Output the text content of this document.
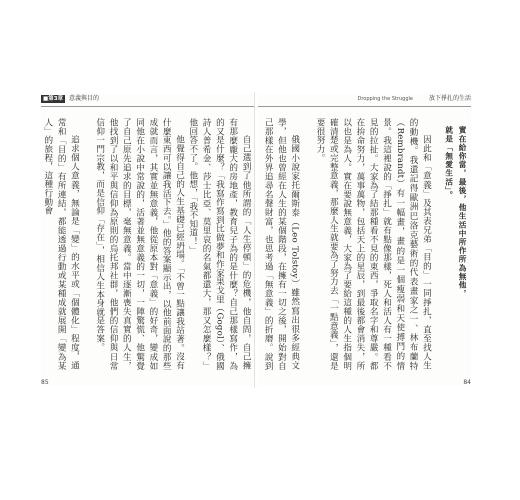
■第3章 意義與目的

自己選到了他所謂的「人生停頓」的危機，他自問，自己擁有那麼龐大的房地產，教育兒子為的是什麼？自己那樣寫作，為的又是什麼？「我寫作寫到比做夢和作家果戈里（Gogol）、俄國詩人普希金、莎士比亞、莫里哀的名氣都還大，那又怎麼樣？」他回答不了。他想，「我不知道！」

他覺得自己的人生基礎已經坍塌。「不曾一點讓我站著。沒有什麼東西可以讓我活下去。」他的答案顯示出，以他前面說的那些成就而言，其實並無意義，他從原本對「意義」的好奇，變成如同他在小說中常說的，活著並無意義的一切，一陣驚慌、他驚覺了自己原先追求的目標，毫無意義。當中逐漸喪失真實的人生，他找到了以和平與信仰為原則的烏托邦社群，他們的信仰與日常信仰一門宗教，而是信仰「存在」，相信人生本身就是答案。

追求個人意義，無論是「變」的水平或「個體化」程度，通常和「目的」有所連結，都能透過行動或某種成就展開「變為某人」的旅程，這種行動會

85
Dropping the Struggle	放下掙扎的生活

實在給你當，最後，他生活中所作所為無他，
就是「無愛生活」。

因此和「意義」及其表兄弟「目的」一同掙扎，直至找人生的動機。我還記得歐洲巴洛克藝術的代表畫家之一、林布蘭特（Rembrandt）有一幅畫，畫的是一個瘦弱和天使搏鬥的情景。我這裡說的「掙扎」就有點像那樣，死人和活人有一種看不見的拉扯。大家為了結那種看不見的東西，爭取名字和尊嚴。都在拚命努力，萬事萬物，包括天上的星辰，到最後都會消失，所以也是為人。實在要說無意義，大家為了要給這種的人生指個明確清楚或完整意義，那麼人生就要為了努力去「一點意義」，還是要很努力。

俄國小說家托爾斯泰（Leo Tolstoy）雖然寫出很多經典文學，但他也曾經在人生的某個階段，在擁有一切之後，開始對自己那樣在外界追尋名聲財富，也思考過「無意義」的折磨。說到

84
